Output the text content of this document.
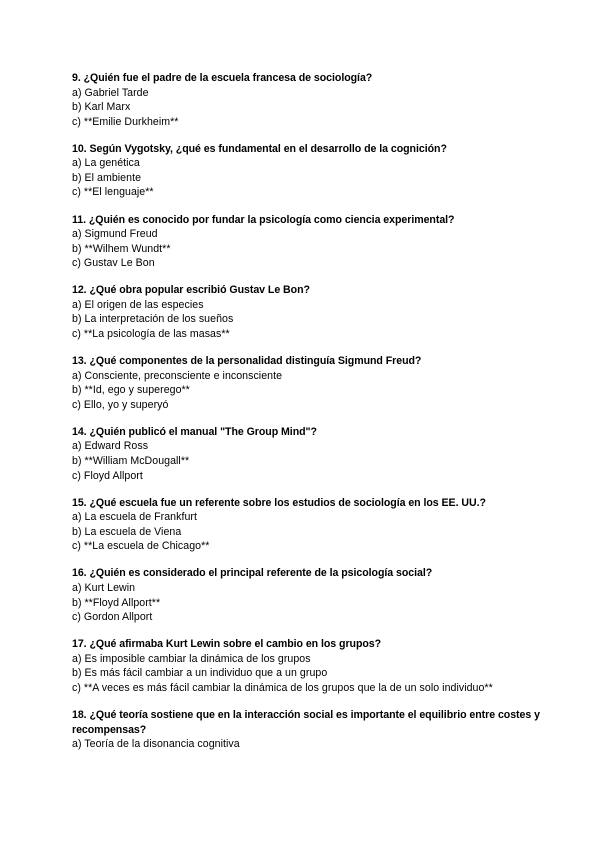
9. ¿Quién fue el padre de la escuela francesa de sociología?
a) Gabriel Tarde
b) Karl Marx
c) **Emilie Durkheim**
10. Según Vygotsky, ¿qué es fundamental en el desarrollo de la cognición?
a) La genética
b) El ambiente
c) **El lenguaje**
11. ¿Quién es conocido por fundar la psicología como ciencia experimental?
a) Sigmund Freud
b) **Wilhem Wundt**
c) Gustav Le Bon
12. ¿Qué obra popular escribió Gustav Le Bon?
a) El origen de las especies
b) La interpretación de los sueños
c) **La psicología de las masas**
13. ¿Qué componentes de la personalidad distinguía Sigmund Freud?
a) Consciente, preconsciente e inconsciente
b) **Id, ego y superego**
c) Ello, yo y superyó
14. ¿Quién publicó el manual "The Group Mind"?
a) Edward Ross
b) **William McDougall**
c) Floyd Allport
15. ¿Qué escuela fue un referente sobre los estudios de sociología en los EE. UU.?
a) La escuela de Frankfurt
b) La escuela de Viena
c) **La escuela de Chicago**
16. ¿Quién es considerado el principal referente de la psicología social?
a) Kurt Lewin
b) **Floyd Allport**
c) Gordon Allport
17. ¿Qué afirmaba Kurt Lewin sobre el cambio en los grupos?
a) Es imposible cambiar la dinámica de los grupos
b) Es más fácil cambiar a un individuo que a un grupo
c) **A veces es más fácil cambiar la dinámica de los grupos que la de un solo individuo**
18. ¿Qué teoría sostiene que en la interacción social es importante el equilibrio entre costes y recompensas?
a) Teoría de la disonancia cognitiva
